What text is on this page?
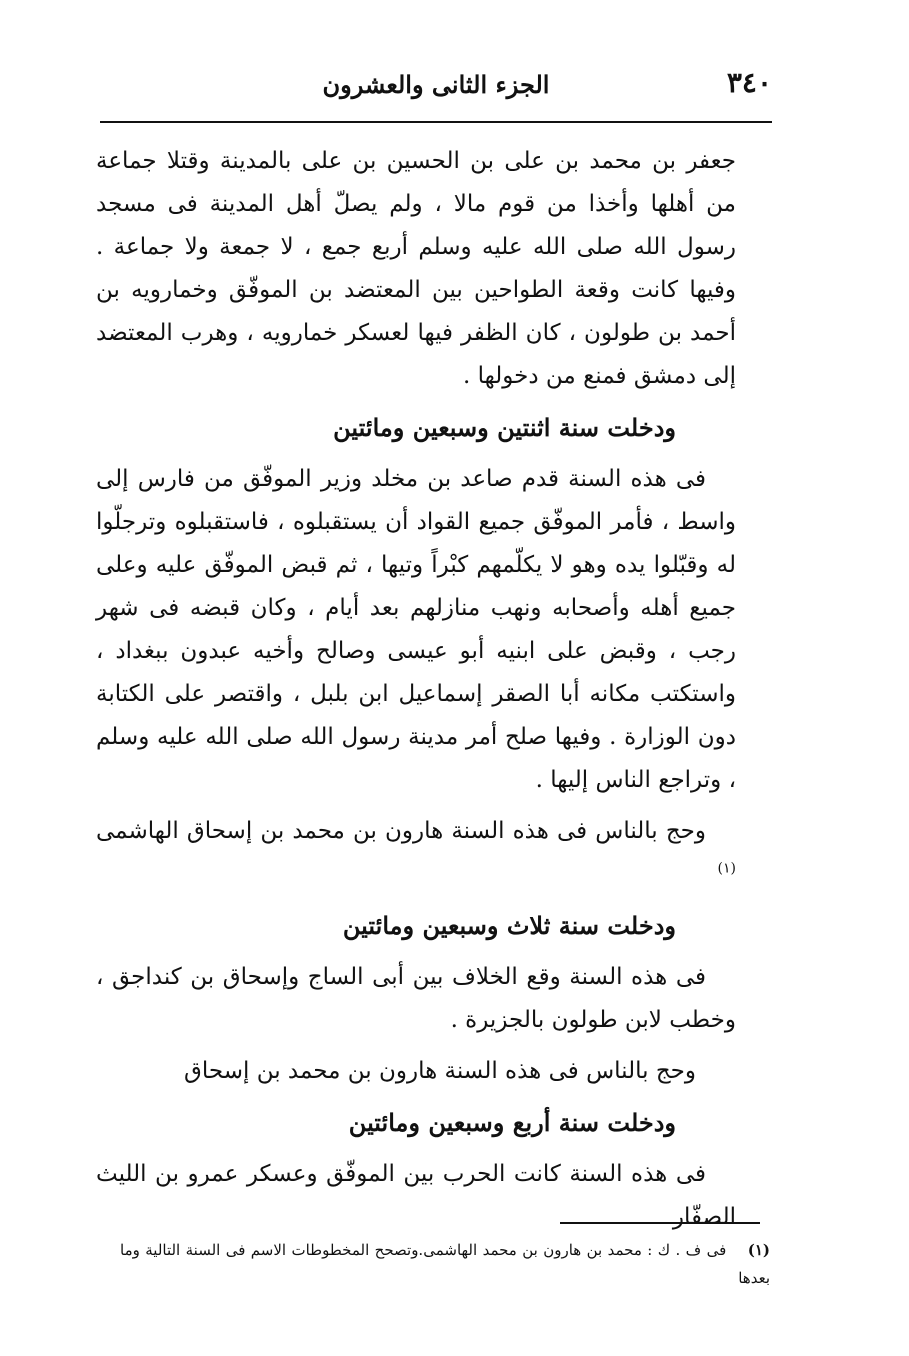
٣٤٠
الجزء الثانى والعشرون

جعفر بن محمد بن على بن الحسين بن على بالمدينة وقتلا جماعة من أهلها وأخذا من قوم مالا ، ولم يصلّ أهل المدينة فى مسجد رسول الله صلى الله عليه وسلم أربع جمع ، لا جمعة ولا جماعة . وفيها كانت وقعة الطواحين بين المعتضد بن الموفّق وخمارويه بن أحمد بن طولون ، كان الظفر فيها لعسكر خمارويه ، وهرب المعتضد إلى دمشق فمنع من دخولها .

ودخلت سنة اثنتين وسبعين ومائتين

فى هذه السنة قدم صاعد بن مخلد وزير الموفّق من فارس إلى واسط ، فأمر الموفّق جميع القواد أن يستقبلوه ، فاستقبلوه وترجلّوا له وقبّلوا يده وهو لا يكلّمهم كبْراً وتيها ، ثم قبض الموفّق عليه وعلى جميع أهله وأصحابه ونهب منازلهم بعد أيام ، وكان قبضه فى شهر رجب ، وقبض على ابنيه أبو عيسى وصالح وأخيه عبدون ببغداد ، واستكتب مكانه أبا الصقر إسماعيل ابن بلبل ، واقتصر على الكتابة دون الوزارة . وفيها صلح أمر مدينة رسول الله صلى الله عليه وسلم ، وتراجع الناس إليها .

وحج بالناس فى هذه السنة هارون بن محمد بن إسحاق الهاشمى $^{(١)}$

ودخلت سنة ثلاث وسبعين ومائتين

فى هذه السنة وقع الخلاف بين أبى الساج وإسحاق بن كنداجق ، وخطب لابن طولون بالجزيرة .

وحج بالناس فى هذه السنة هارون بن محمد بن إسحاق

ودخلت سنة أربع وسبعين ومائتين

فى هذه السنة كانت الحرب بين الموفّق وعسكر عمرو بن الليث الصفّار

(١) فى ف . ك : محمد بن هارون بن محمد الهاشمى.وتصحح المخطوطات الاسم فى السنة التالية وما بعدها
